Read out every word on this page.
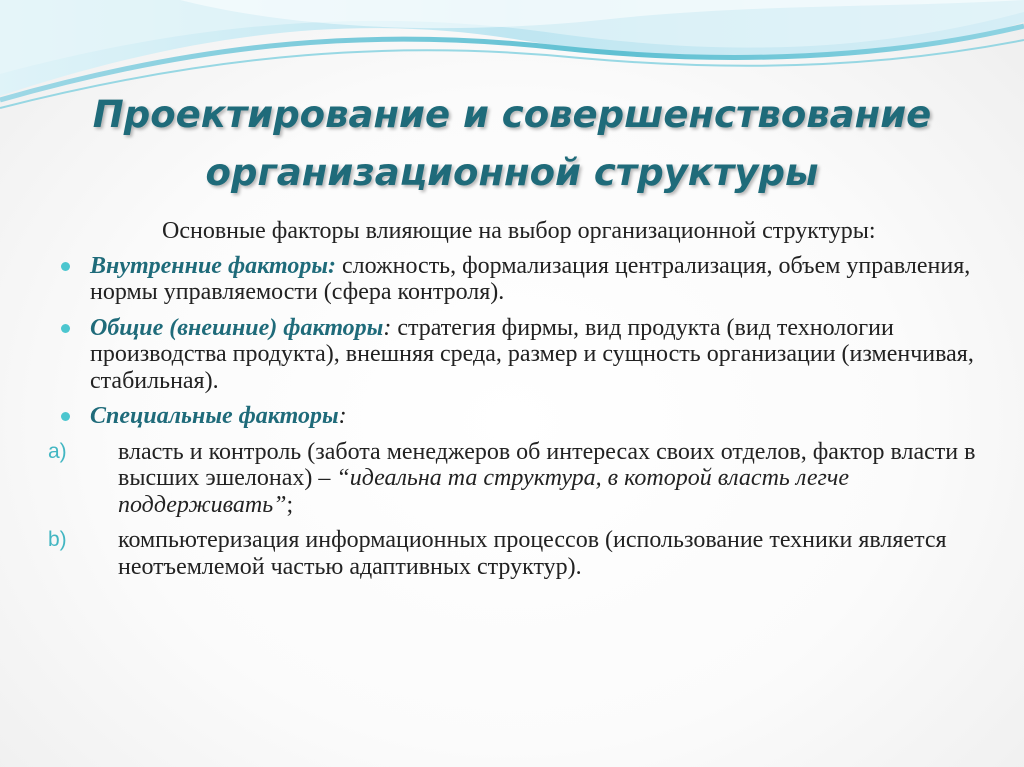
Проектирование и совершенствование организационной структуры

Основные факторы влияющие на выбор организационной структуры:

Внутренние факторы: сложность, формализация централизация, объем управления, нормы управляемости (сфера контроля).
Общие (внешние) факторы: стратегия фирмы, вид продукта (вид технологии производства продукта), внешняя среда, размер и сущность организации (изменчивая, стабильная).
Специальные факторы:
a) власть и контроль (забота менеджеров об интересах своих отделов, фактор власти в высших эшелонах) – “идеальна та структура, в которой власть легче поддерживать”;
b) компьютеризация информационных процессов (использование техники является неотъемлемой частью адаптивных структур).
